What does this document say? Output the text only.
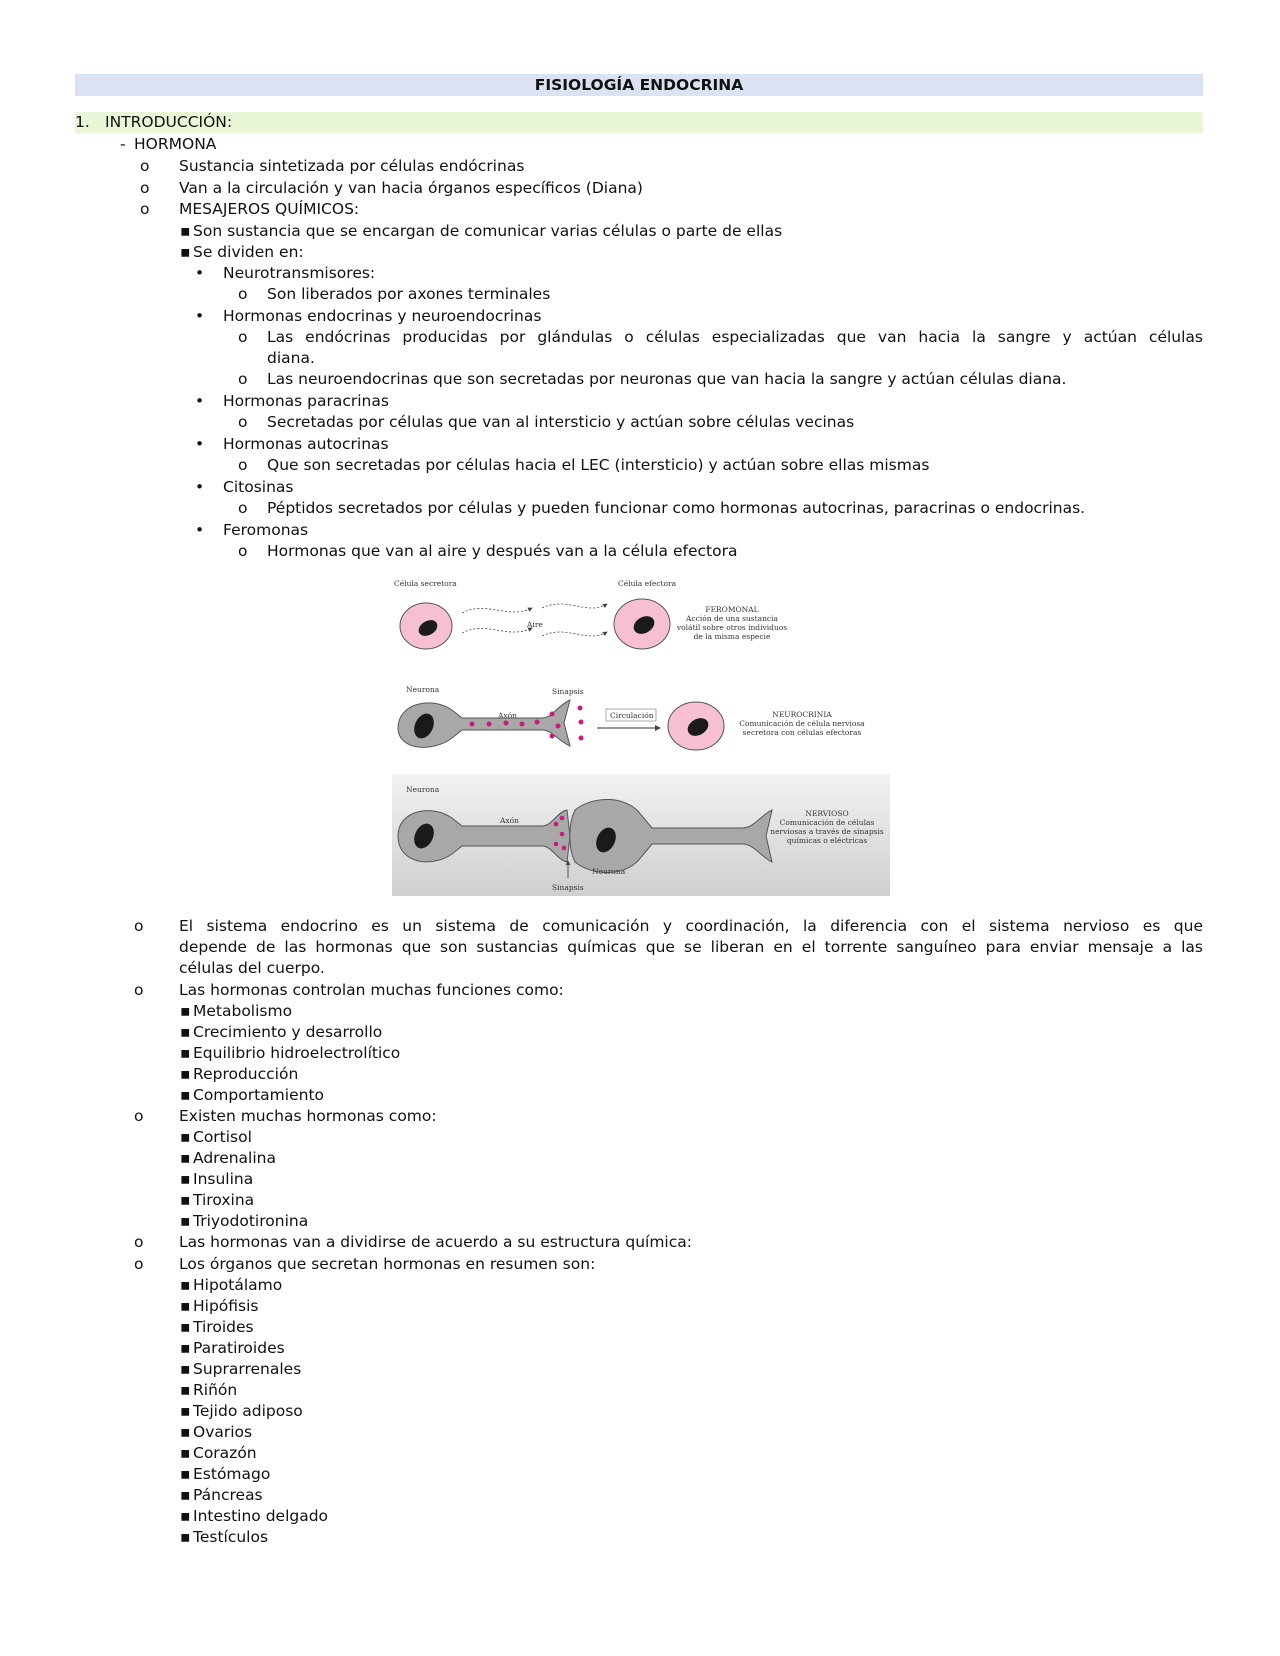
FISIOLOGÍA ENDOCRINA
1. INTRODUCCIÓN:
- HORMONA
o Sustancia sintetizada por células endócrinas
o Van a la circulación y van hacia órganos específicos (Diana)
o MESAJEROS QUÍMICOS:
▪ Son sustancia que se encargan de comunicar varias células o parte de ellas
▪ Se dividen en:
• Neurotransmisores:
o Son liberados por axones terminales
• Hormonas endocrinas y neuroendocrinas
o Las endócrinas producidas por glándulas o células especializadas que van hacia la sangre y actúan células
diana.
o Las neuroendocrinas que son secretadas por neuronas que van hacia la sangre y actúan células diana.
• Hormonas paracrinas
o Secretadas por células que van al intersticio y actúan sobre células vecinas
• Hormonas autocrinas
o Que son secretadas por células hacia el LEC (intersticio) y actúan sobre ellas mismas
• Citosinas
o Péptidos secretados por células y pueden funcionar como hormonas autocrinas, paracrinas o endocrinas.
• Feromonas
o Hormonas que van al aire y después van a la célula efectora
Célula secretora	Célula efectora
Aire
FEROMONAL
Acción de una sustancia
volátil sobre otros individuos
de la misma especie
Neurona
Axón
Sinapsis
Circulación	NEUROCRINIA
Comunicación de célula nerviosa
secretora con células efectoras
Neurona
Axón
Neurona
Sinapsis
NERVIOSO
Comunicación de células
nerviosas a través de sinapsis
químicas o eléctricas
o El sistema endocrino es un sistema de comunicación y coordinación, la diferencia con el sistema nervioso es que
depende de las hormonas que son sustancias químicas que se liberan en el torrente sanguíneo para enviar mensaje a las
células del cuerpo.
o Las hormonas controlan muchas funciones como:
▪ Metabolismo
▪ Crecimiento y desarrollo
▪ Equilibrio hidroelectrolítico
▪ Reproducción
▪ Comportamiento
o Existen muchas hormonas como:
▪ Cortisol
▪ Adrenalina
▪ Insulina
▪ Tiroxina
▪ Triyodotironina
o Las hormonas van a dividirse de acuerdo a su estructura química:
o Los órganos que secretan hormonas en resumen son:
▪ Hipotálamo
▪ Hipófisis
▪ Tiroides
▪ Paratiroides
▪ Suprarrenales
▪ Riñón
▪ Tejido adiposo
▪ Ovarios
▪ Corazón
▪ Estómago
▪ Páncreas
▪ Intestino delgado
▪ Testículos
